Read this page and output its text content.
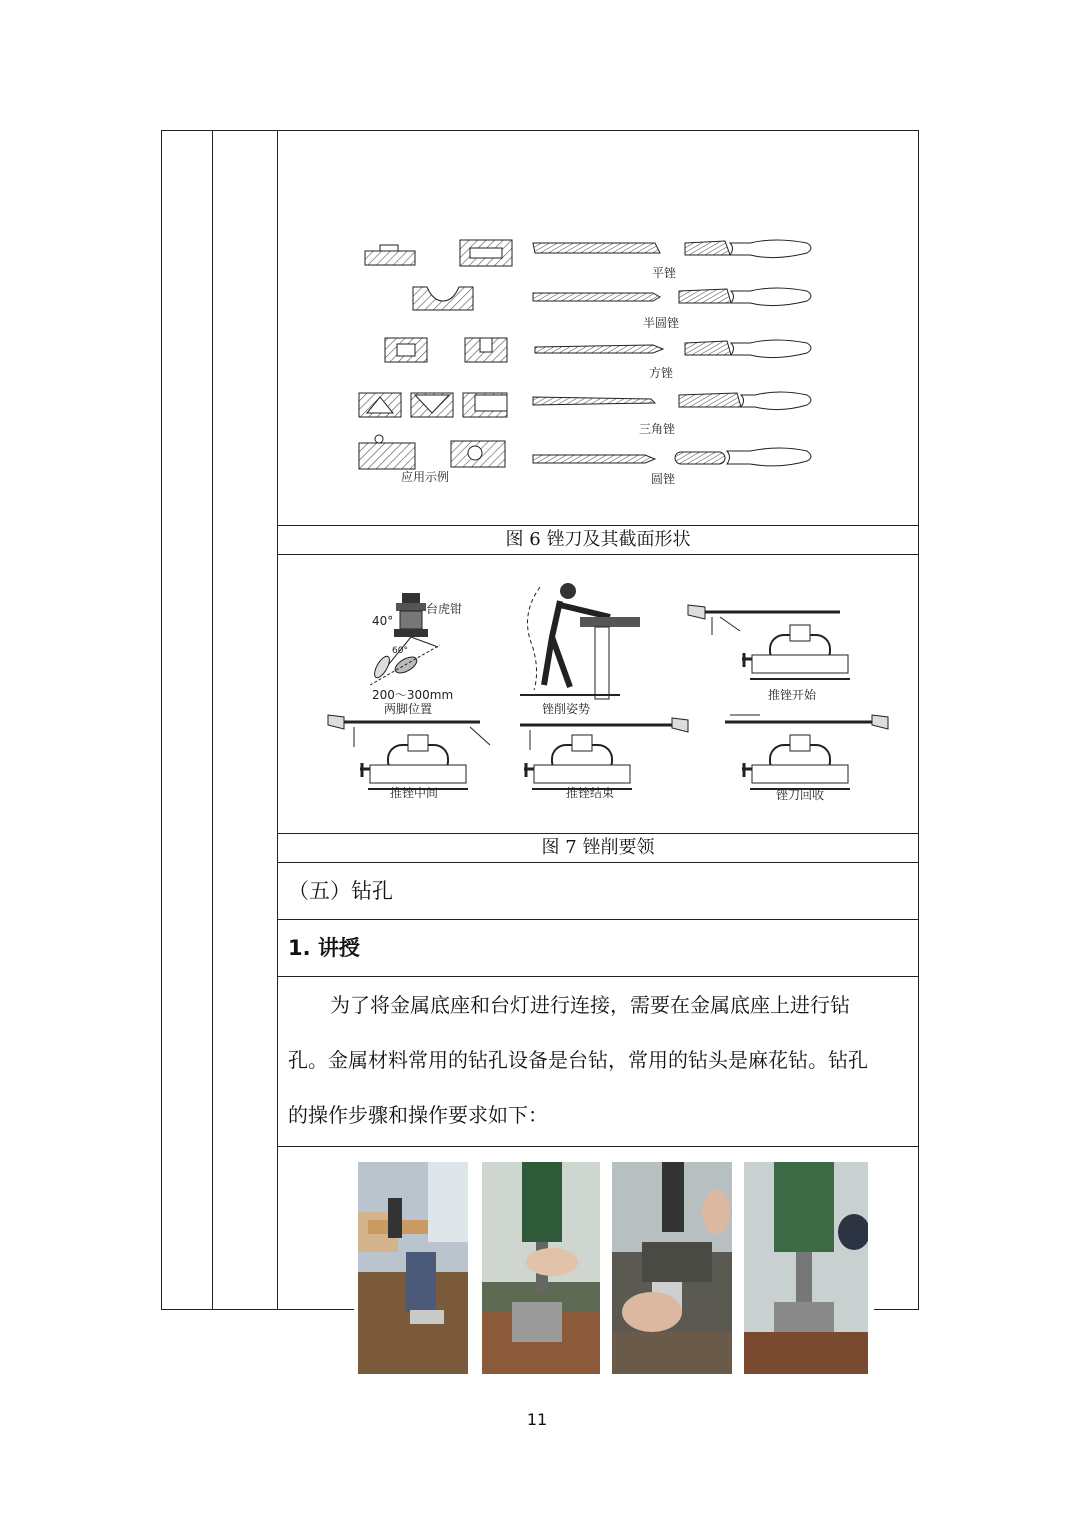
平锉
半圆锉
方锉
三角锉
应用示例	圆锉
图 6 锉刀及其截面形状
台虎钳
40°
60°
200～300mm
两脚位置	锉削姿势
推锉开始
推锉中间	推锉结束	锉刀回收
图 7 锉削要领
（五）钻孔
1. 讲授
为了将金属底座和台灯进行连接，需要在金属底座上进行钻
孔。金属材料常用的钻孔设备是台钻，常用的钻头是麻花钻。钻孔
的操作步骤和操作要求如下：
11
